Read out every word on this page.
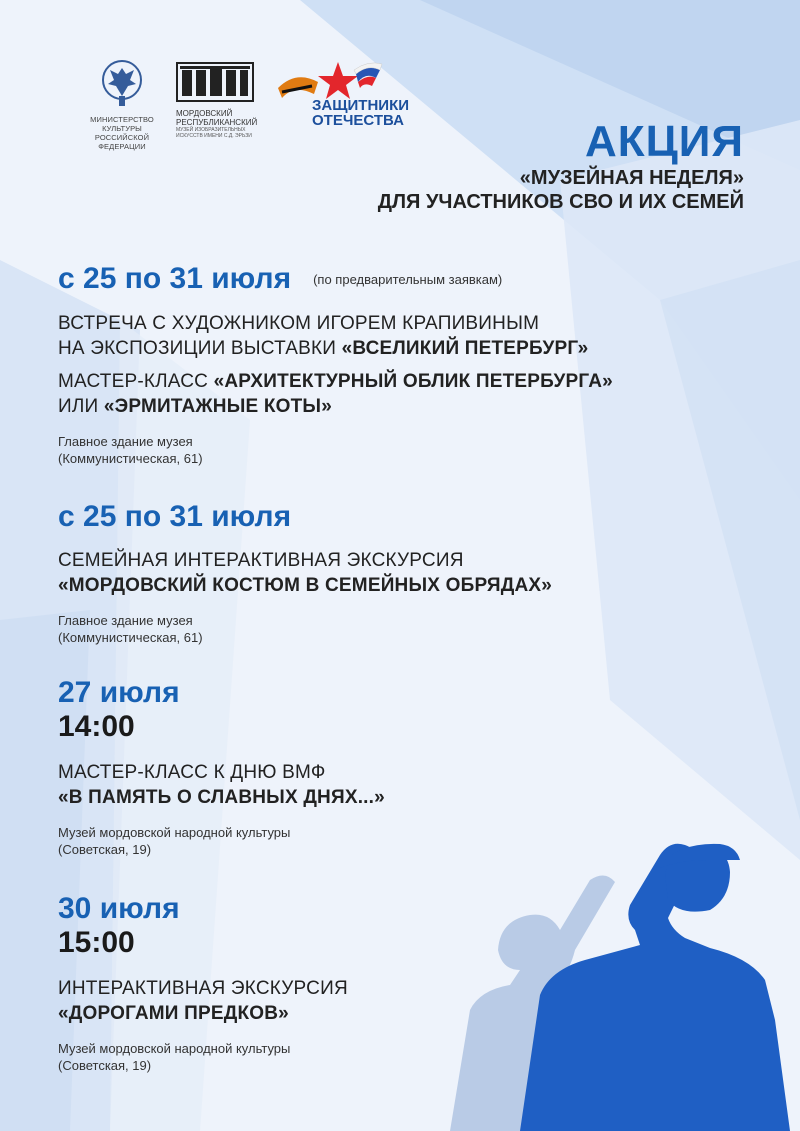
МИНИСТЕРСТВО КУЛЬТУРЫ
РОССИЙСКОЙ ФЕДЕРАЦИИ
МОРДОВСКИЙ
РЕСПУБЛИКАНСКИЙ
МУЗЕЙ ИЗОБРАЗИТЕЛЬНЫХ
ИСКУССТВ ИМЕНИ С.Д. ЭРЬЗИ
ЗАЩИТНИКИ
ОТЕЧЕСТВА	АКЦИЯ
«МУЗЕЙНАЯ НЕДЕЛЯ»
ДЛЯ УЧАСТНИКОВ СВО И ИХ СЕМЕЙ
с 25 по 31 июля (по предварительным заявкам)
ВСТРЕЧА С ХУДОЖНИКОМ ИГОРЕМ КРАПИВИНЫМ
НА ЭКСПОЗИЦИИ ВЫСТАВКИ «ВСЕЛИКИЙ ПЕТЕРБУРГ»
МАСТЕР-КЛАСС «АРХИТЕКТУРНЫЙ ОБЛИК ПЕТЕРБУРГА»
ИЛИ «ЭРМИТАЖНЫЕ КОТЫ»
Главное здание музея
(Коммунистическая, 61)
с 25 по 31 июля
СЕМЕЙНАЯ ИНТЕРАКТИВНАЯ ЭКСКУРСИЯ
«МОРДОВСКИЙ КОСТЮМ В СЕМЕЙНЫХ ОБРЯДАХ»
Главное здание музея
(Коммунистическая, 61)
27 июля
14:00
МАСТЕР-КЛАСС К ДНЮ ВМФ
«В ПАМЯТЬ О СЛАВНЫХ ДНЯХ...»
Музей мордовской народной культуры
(Советская, 19)
30 июля
15:00
ИНТЕРАКТИВНАЯ ЭКСКУРСИЯ
«ДОРОГАМИ ПРЕДКОВ»
Музей мордовской народной культуры
(Советская, 19)
